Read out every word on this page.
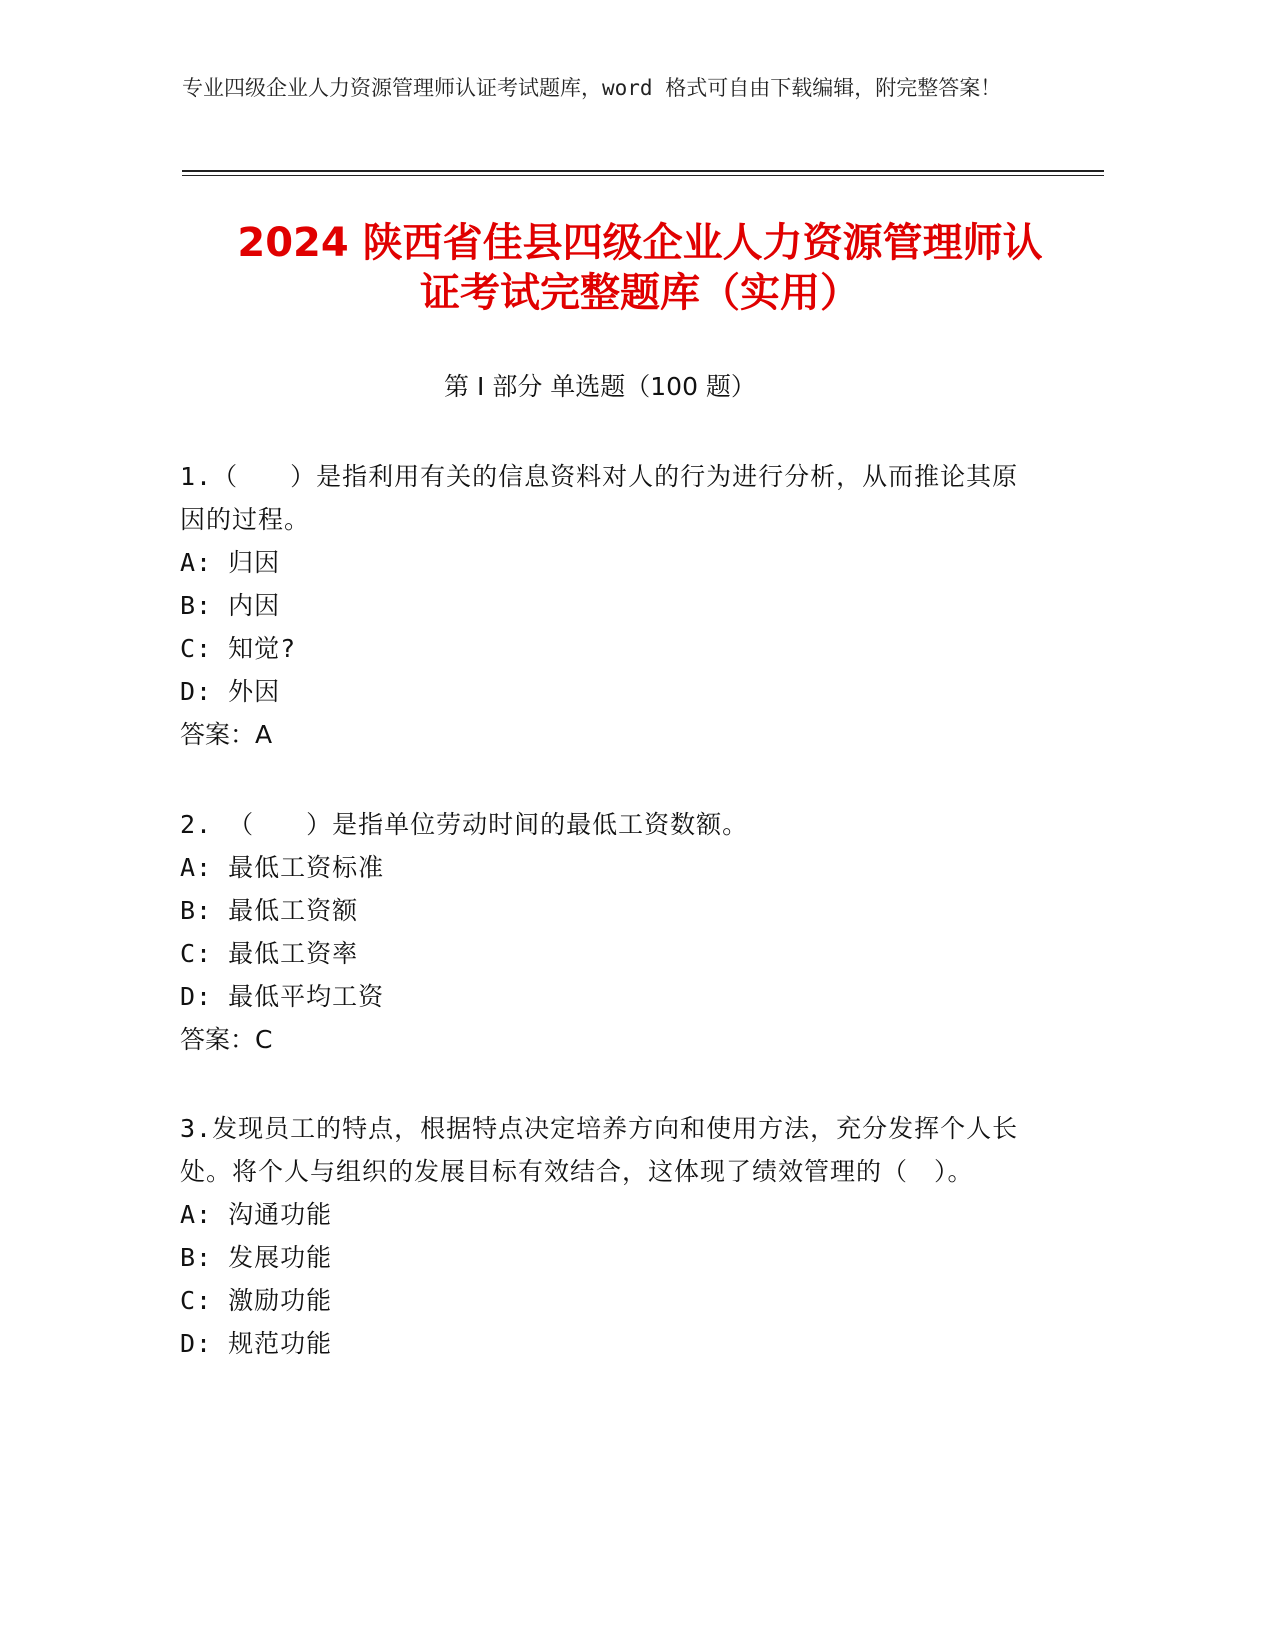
专业四级企业人力资源管理师认证考试题库，word 格式可自由下载编辑，附完整答案！
2024 陕西省佳县四级企业人力资源管理师认
证考试完整题库（实用）
第 I 部分 单选题（100 题）
1.（　　）是指利用有关的信息资料对人的行为进行分析，从而推论其原因的过程。
A: 归因
B: 内因
C: 知觉?
D: 外因
答案：A
2. （　　）是指单位劳动时间的最低工资数额。
A: 最低工资标准
B: 最低工资额
C: 最低工资率
D: 最低平均工资
答案：C
3.发现员工的特点，根据特点决定培养方向和使用方法，充分发挥个人长处。将个人与组织的发展目标有效结合，这体现了绩效管理的（　）。
A: 沟通功能
B: 发展功能
C: 激励功能
D: 规范功能
